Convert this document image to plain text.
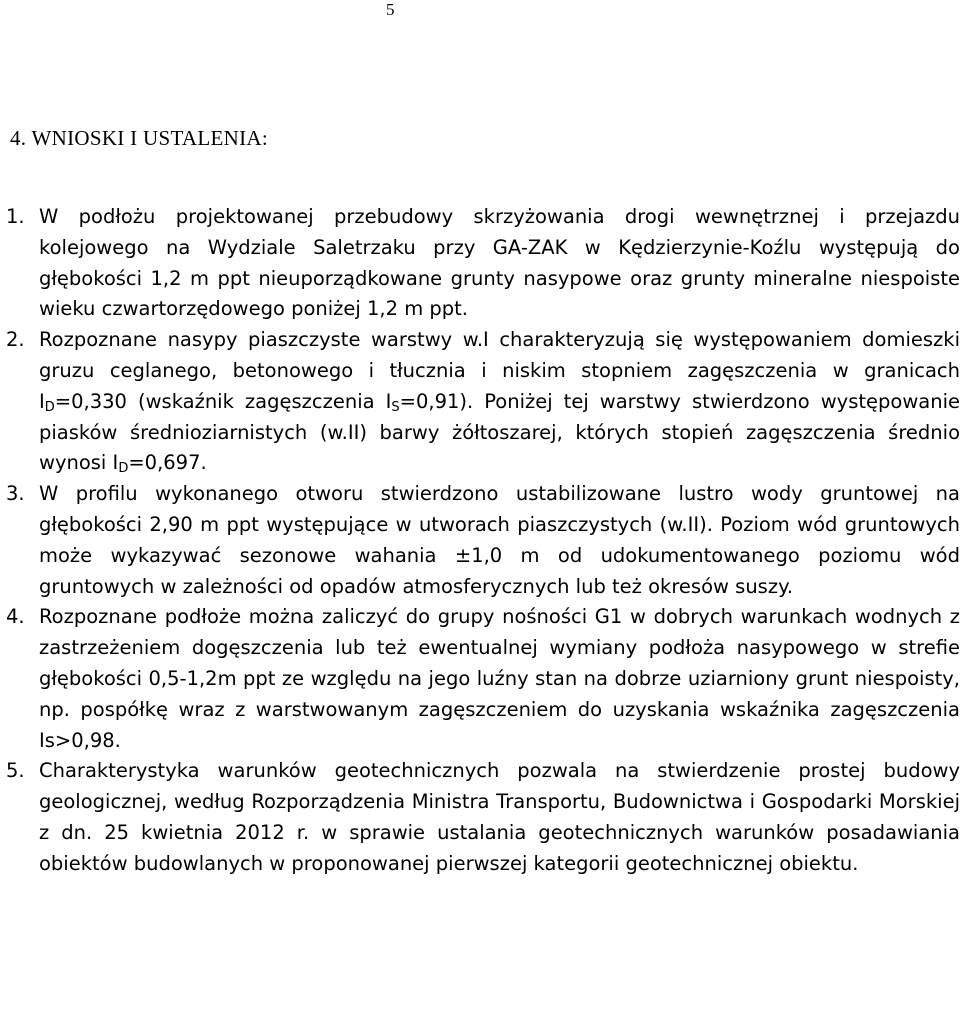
5
4. WNIOSKI I USTALENIA:

1. W podłożu projektowanej przebudowy skrzyżowania drogi wewnętrznej i przejazdu kolejowego na Wydziale Saletrzaku przy GA-ZAK w Kędzierzynie-Koźlu występują do głębokości 1,2 m ppt nieuporządkowane grunty nasypowe oraz grunty mineralne niespoiste wieku czwartorzędowego poniżej 1,2 m ppt.

2. Rozpoznane nasypy piaszczyste warstwy w.I charakteryzują się występowaniem domieszki gruzu ceglanego, betonowego i tłucznia i niskim stopniem zagęszczenia w granicach $I_D=0,330$ (wskaźnik zagęszczenia $I_S=0,91$). Poniżej tej warstwy stwierdzono występowanie piasków średnioziarnistych (w.II) barwy żółtoszarej, których stopień zagęszczenia średnio wynosi $I_D=0,697$.

3. W profilu wykonanego otworu stwierdzono ustabilizowane lustro wody gruntowej na głębokości 2,90 m ppt występujące w utworach piaszczystych (w.II). Poziom wód gruntowych może wykazywać sezonowe wahania ±1,0 m od udokumentowanego poziomu wód gruntowych w zależności od opadów atmosferycznych lub też okresów suszy.

4. Rozpoznane podłoże można zaliczyć do grupy nośności G1 w dobrych warunkach wodnych z zastrzeżeniem dogęszczenia lub też ewentualnej wymiany podłoża nasypowego w strefie głębokości 0,5-1,2m ppt ze względu na jego luźny stan na dobrze uziarniony grunt niespoisty, np. pospółkę wraz z warstwowanym zagęszczeniem do uzyskania wskaźnika zagęszczenia Is>0,98.

5. Charakterystyka warunków geotechnicznych pozwala na stwierdzenie prostej budowy geologicznej, według Rozporządzenia Ministra Transportu, Budownictwa i Gospodarki Morskiej z dn. 25 kwietnia 2012 r. w sprawie ustalania geotechnicznych warunków posadawiania obiektów budowlanych w proponowanej pierwszej kategorii geotechnicznej obiektu.
